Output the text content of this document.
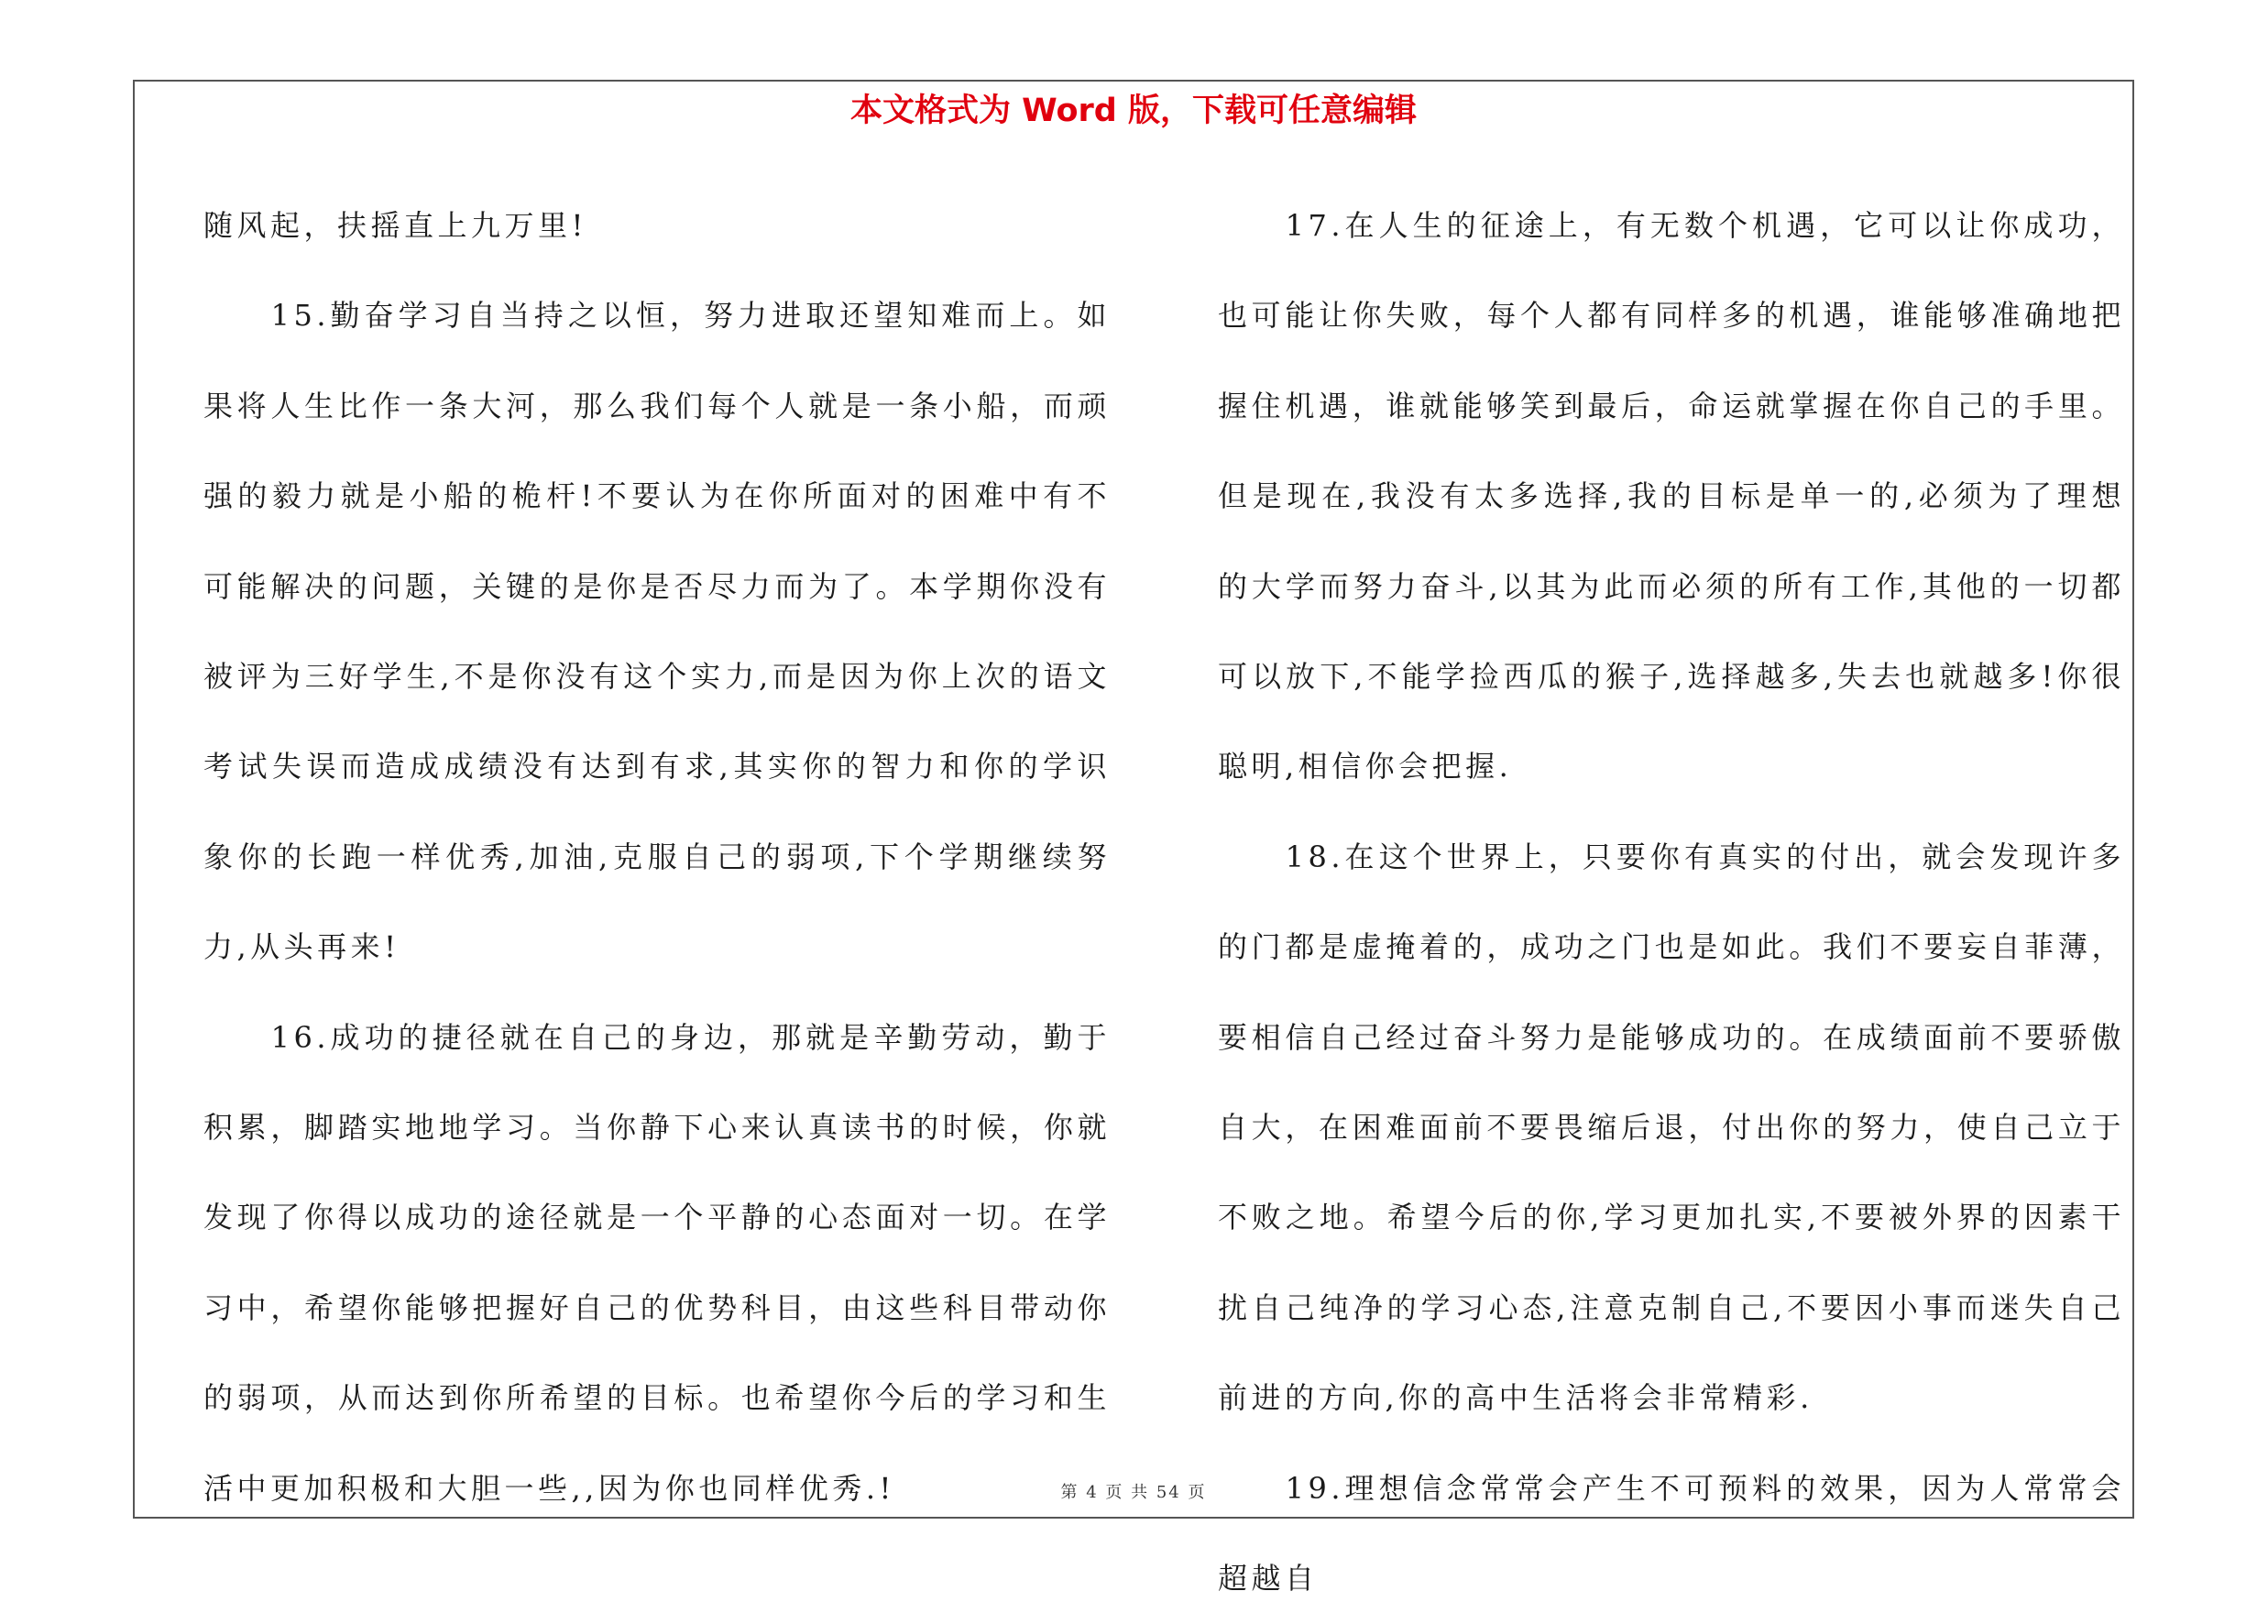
本文格式为 Word 版，下载可任意编辑

随风起，扶摇直上九万里!

15.勤奋学习自当持之以恒，努力进取还望知难而上。如果将人生比作一条大河，那么我们每个人就是一条小船，而顽强的毅力就是小船的桅杆!不要认为在你所面对的困难中有不可能解决的问题，关键的是你是否尽力而为了。本学期你没有被评为三好学生,不是你没有这个实力,而是因为你上次的语文考试失误而造成成绩没有达到有求,其实你的智力和你的学识象你的长跑一样优秀,加油,克服自己的弱项,下个学期继续努力,从头再来!

16.成功的捷径就在自己的身边，那就是辛勤劳动，勤于积累，脚踏实地地学习。当你静下心来认真读书的时候，你就发现了你得以成功的途径就是一个平静的心态面对一切。在学习中，希望你能够把握好自己的优势科目，由这些科目带动你的弱项，从而达到你所希望的目标。也希望你今后的学习和生活中更加积极和大胆一些,,因为你也同样优秀.!

17.在人生的征途上，有无数个机遇，它可以让你成功，也可能让你失败，每个人都有同样多的机遇，谁能够准确地把握住机遇，谁就能够笑到最后，命运就掌握在你自己的手里。但是现在,我没有太多选择,我的目标是单一的,必须为了理想的大学而努力奋斗,以其为此而必须的所有工作,其他的一切都可以放下,不能学捡西瓜的猴子,选择越多,失去也就越多!你很聪明,相信你会把握.

18.在这个世界上，只要你有真实的付出，就会发现许多的门都是虚掩着的，成功之门也是如此。我们不要妄自菲薄，要相信自己经过奋斗努力是能够成功的。在成绩面前不要骄傲自大，在困难面前不要畏缩后退，付出你的努力，使自己立于不败之地。希望今后的你,学习更加扎实,不要被外界的因素干扰自己纯净的学习心态,注意克制自己,不要因小事而迷失自己前进的方向,你的高中生活将会非常精彩.

19.理想信念常常会产生不可预料的效果，因为人常常会超越自

第 4 页 共 54 页
